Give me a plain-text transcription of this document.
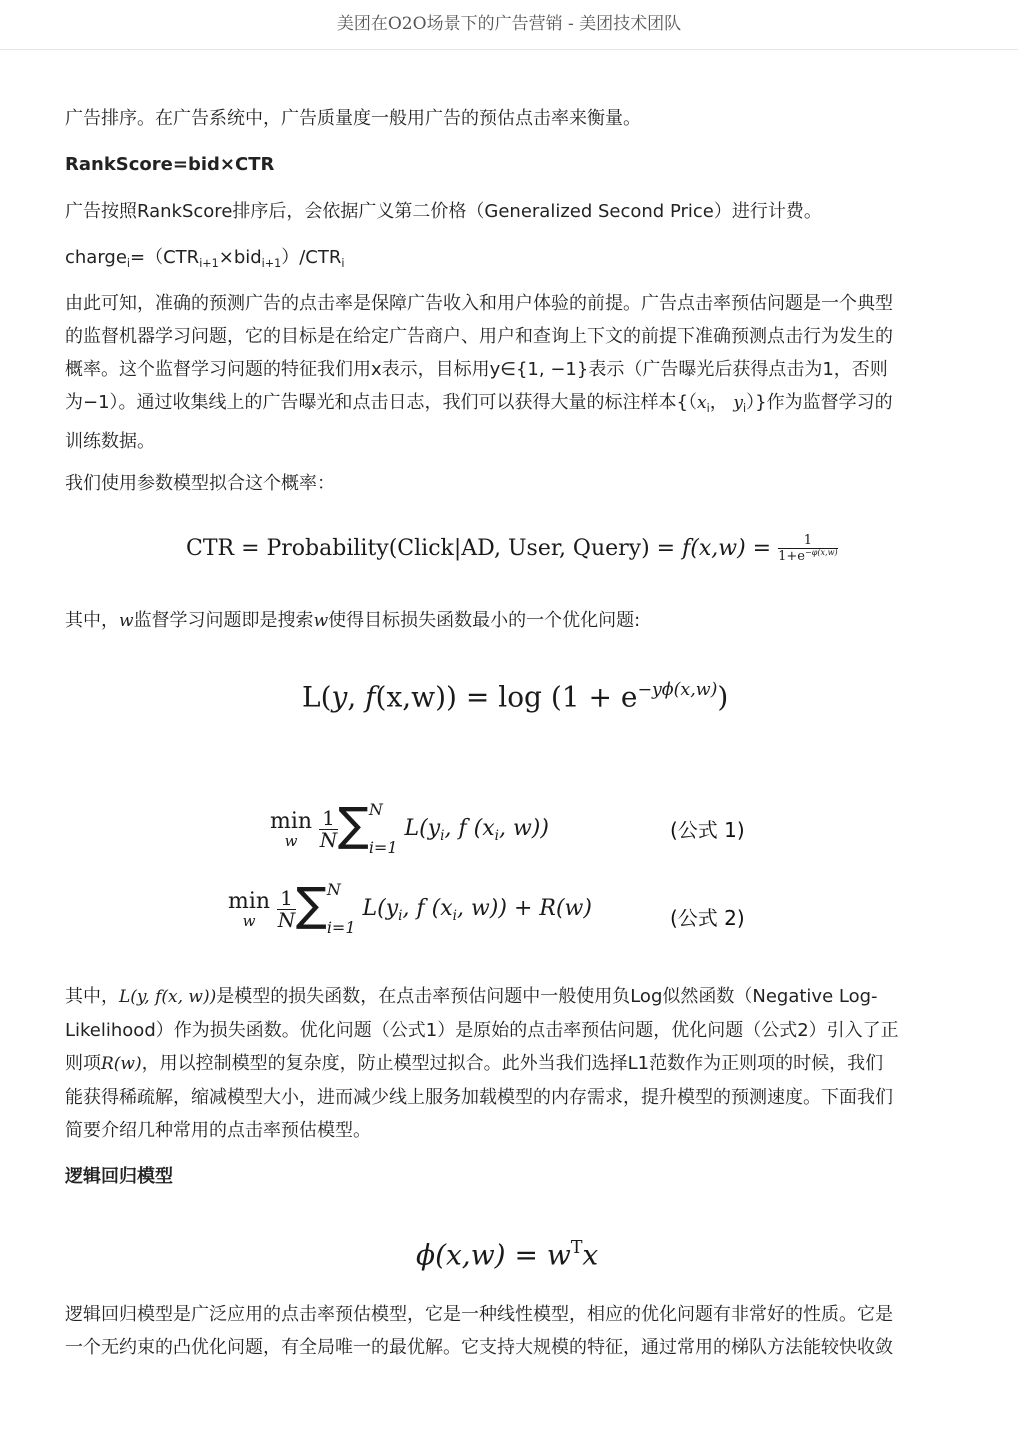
美团在O2O场景下的广告营销 - 美团技术团队
广告排序。在广告系统中，广告质量度一般用广告的预估点击率来衡量。
RankScore=bid×CTR
广告按照RankScore排序后，会依据广义第二价格（Generalized Second Price）进行计费。
$charge_i=(CTR_{i+1}\times bid_{i+1})/CTR_i$
由此可知，准确的预测广告的点击率是保障广告收入和用户体验的前提。广告点击率预估问题是一个典型
的监督机器学习问题，它的目标是在给定广告商户、用户和查询上下文的前提下准确预测点击行为发生的
概率。这个监督学习问题的特征我们用x表示，目标用y∈{1, −1}表示（广告曝光后获得点击为1，否则
为−1）。通过收集线上的广告曝光和点击日志，我们可以获得大量的标注样本{（$x_i$， $y_i$）}作为监督学习的
训练数据。
我们使用参数模型拟合这个概率：
CTR = Probability(Click|AD, User, Query) = $f(x,w) = \frac{1}{1+e^{-\varphi(x,w)}}$
其中，w监督学习问题即是搜索w使得目标损失函数最小的一个优化问题:
L(y, $f(x,w)) = \log (1 + e^{-y\phi(x,w)})$
min
w
	$\frac{1}{N}$ ∑ N
i=1
$L(y_i$, f ($x_i$, w))	(公式 1)
min
w
	$\frac{1}{N}$ ∑ N
i=1
$L(y_i$, f ($x_i$, w)) + R(w)	(公式 2)
其中，L(y, f(x, w))是模型的损失函数，在点击率预估问题中一般使用负Log似然函数（Negative Log-
Likelihood）作为损失函数。优化问题（公式1）是原始的点击率预估问题，优化问题（公式2）引入了正
则项R(w)，用以控制模型的复杂度，防止模型过拟合。此外当我们选择L1范数作为正则项的时候，我们
能获得稀疏解，缩减模型大小，进而减少线上服务加载模型的内存需求，提升模型的预测速度。下面我们
简要介绍几种常用的点击率预估模型。
逻辑回归模型
$\phi(x,w) = w^Tx$
逻辑回归模型是广泛应用的点击率预估模型，它是一种线性模型，相应的优化问题有非常好的性质。它是
一个无约束的凸优化问题，有全局唯一的最优解。它支持大规模的特征，通过常用的梯队方法能较快收敛
